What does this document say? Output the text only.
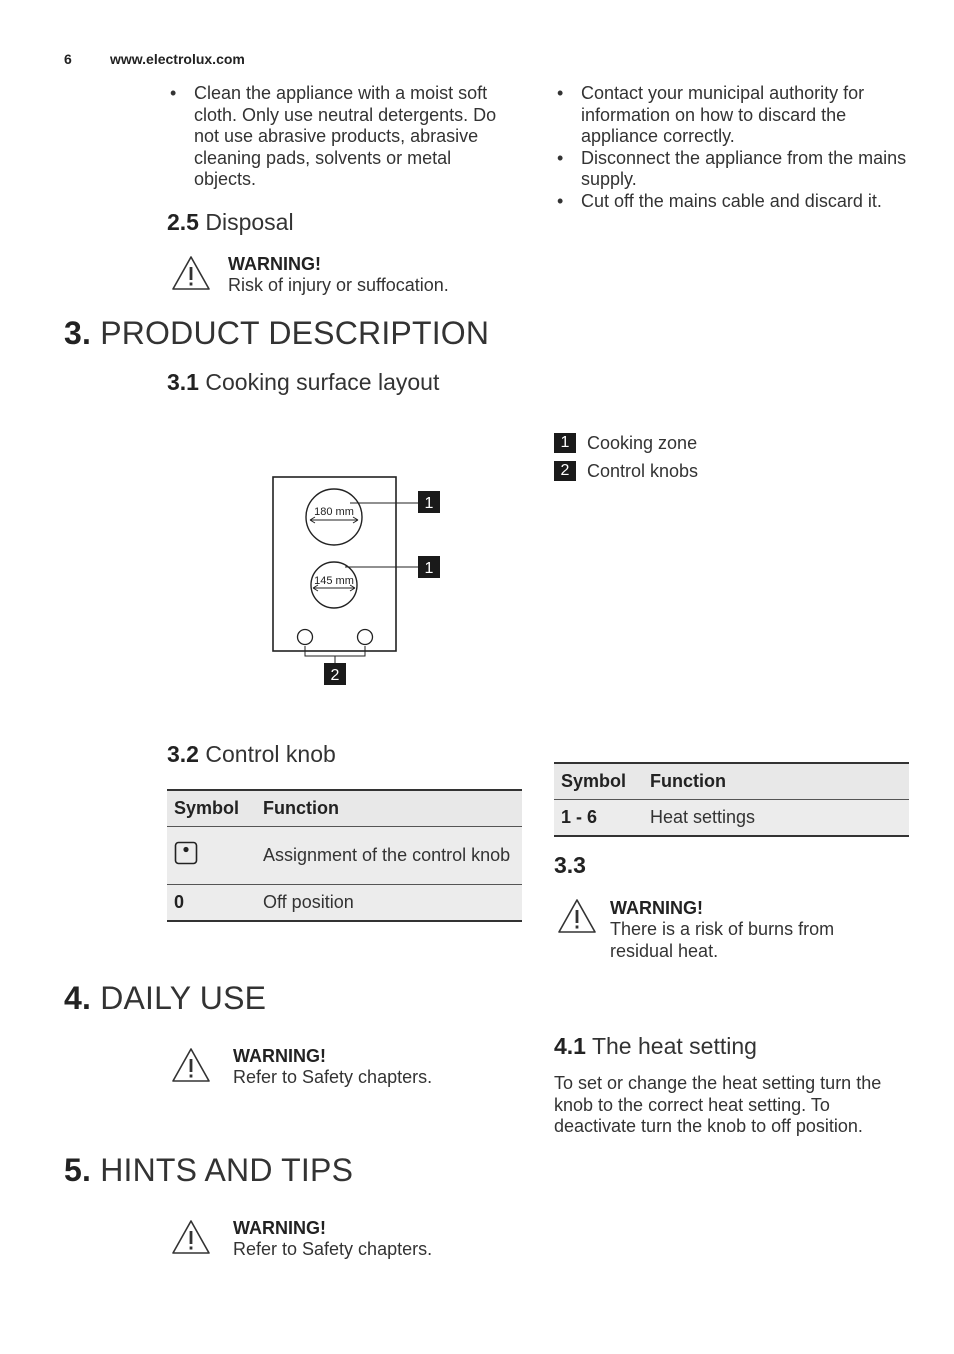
6	www.electrolux.com
• Clean the appliance with a moist soft cloth. Only use neutral detergents. Do not use abrasive products, abrasive cleaning pads, solvents or metal objects.
2.5 Disposal
WARNING!
Risk of injury or suffocation.
• Contact your municipal authority for information on how to discard the appliance correctly.
• Disconnect the appliance from the mains supply.
• Cut off the mains cable and discard it.
3. PRODUCT DESCRIPTION
3.1 Cooking surface layout
180 mm
145 mm
1
1
2
1 Cooking zone
2 Control knobs
3.2 Control knob
Symbol	Function
	Assignment of the control knob
0	Off position
Symbol	Function
1 - 6	Heat settings
3.3
WARNING!
There is a risk of burns from residual heat.
4. DAILY USE
WARNING!
Refer to Safety chapters.
4.1 The heat setting
To set or change the heat setting turn the knob to the correct heat setting. To deactivate turn the knob to off position.
5. HINTS AND TIPS
WARNING!
Refer to Safety chapters.
